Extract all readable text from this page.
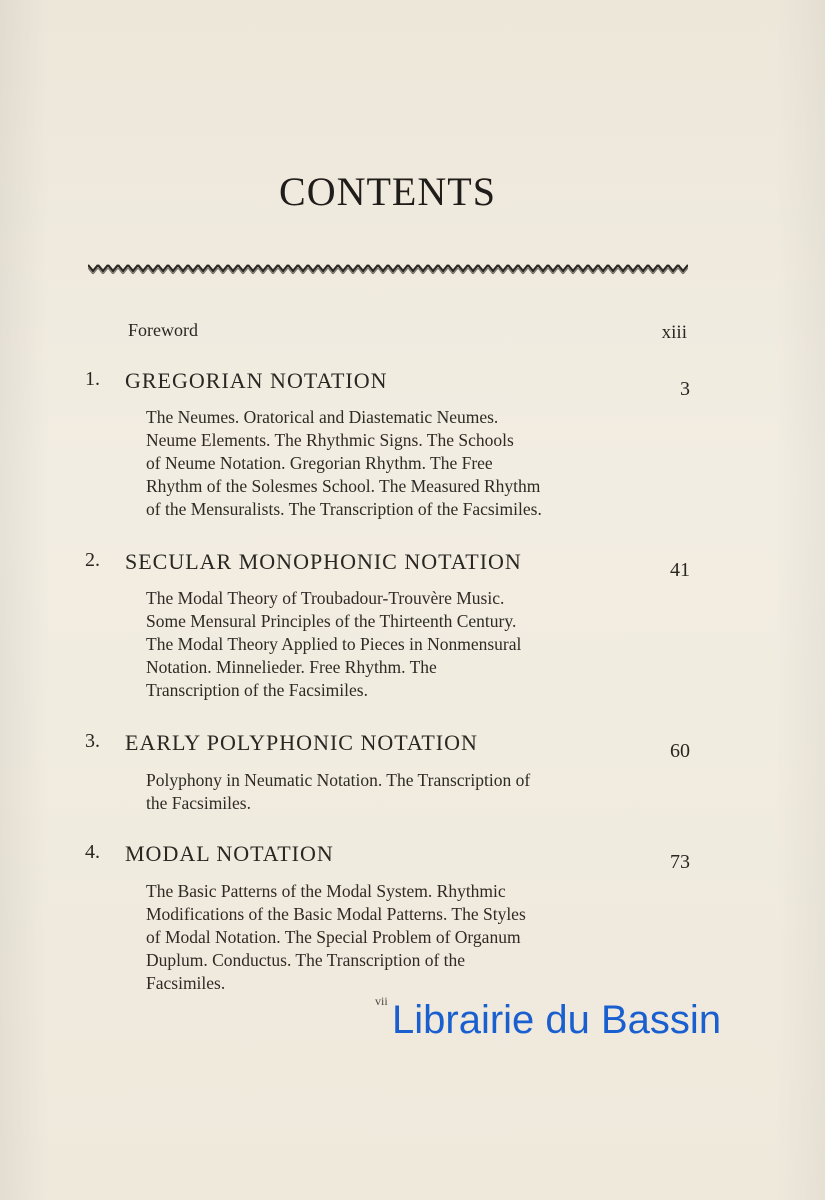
CONTENTS
Foreword	xiii
1. GREGORIAN NOTATION	3
The Neumes. Oratorical and Diastematic Neumes.
Neume Elements. The Rhythmic Signs. The Schools
of Neume Notation. Gregorian Rhythm. The Free
Rhythm of the Solesmes School. The Measured Rhythm
of the Mensuralists. The Transcription of the Facsimiles.
2. SECULAR MONOPHONIC NOTATION	41
The Modal Theory of Troubadour-Trouvère Music.
Some Mensural Principles of the Thirteenth Century.
The Modal Theory Applied to Pieces in Nonmensural
Notation. Minnelieder. Free Rhythm. The
Transcription of the Facsimiles.
3. EARLY POLYPHONIC NOTATION	60
Polyphony in Neumatic Notation. The Transcription of
the Facsimiles.
4. MODAL NOTATION	73
The Basic Patterns of the Modal System. Rhythmic
Modifications of the Basic Modal Patterns. The Styles
of Modal Notation. The Special Problem of Organum
Duplum. Conductus. The Transcription of the
Facsimiles.
vii Librairie du Bassin
